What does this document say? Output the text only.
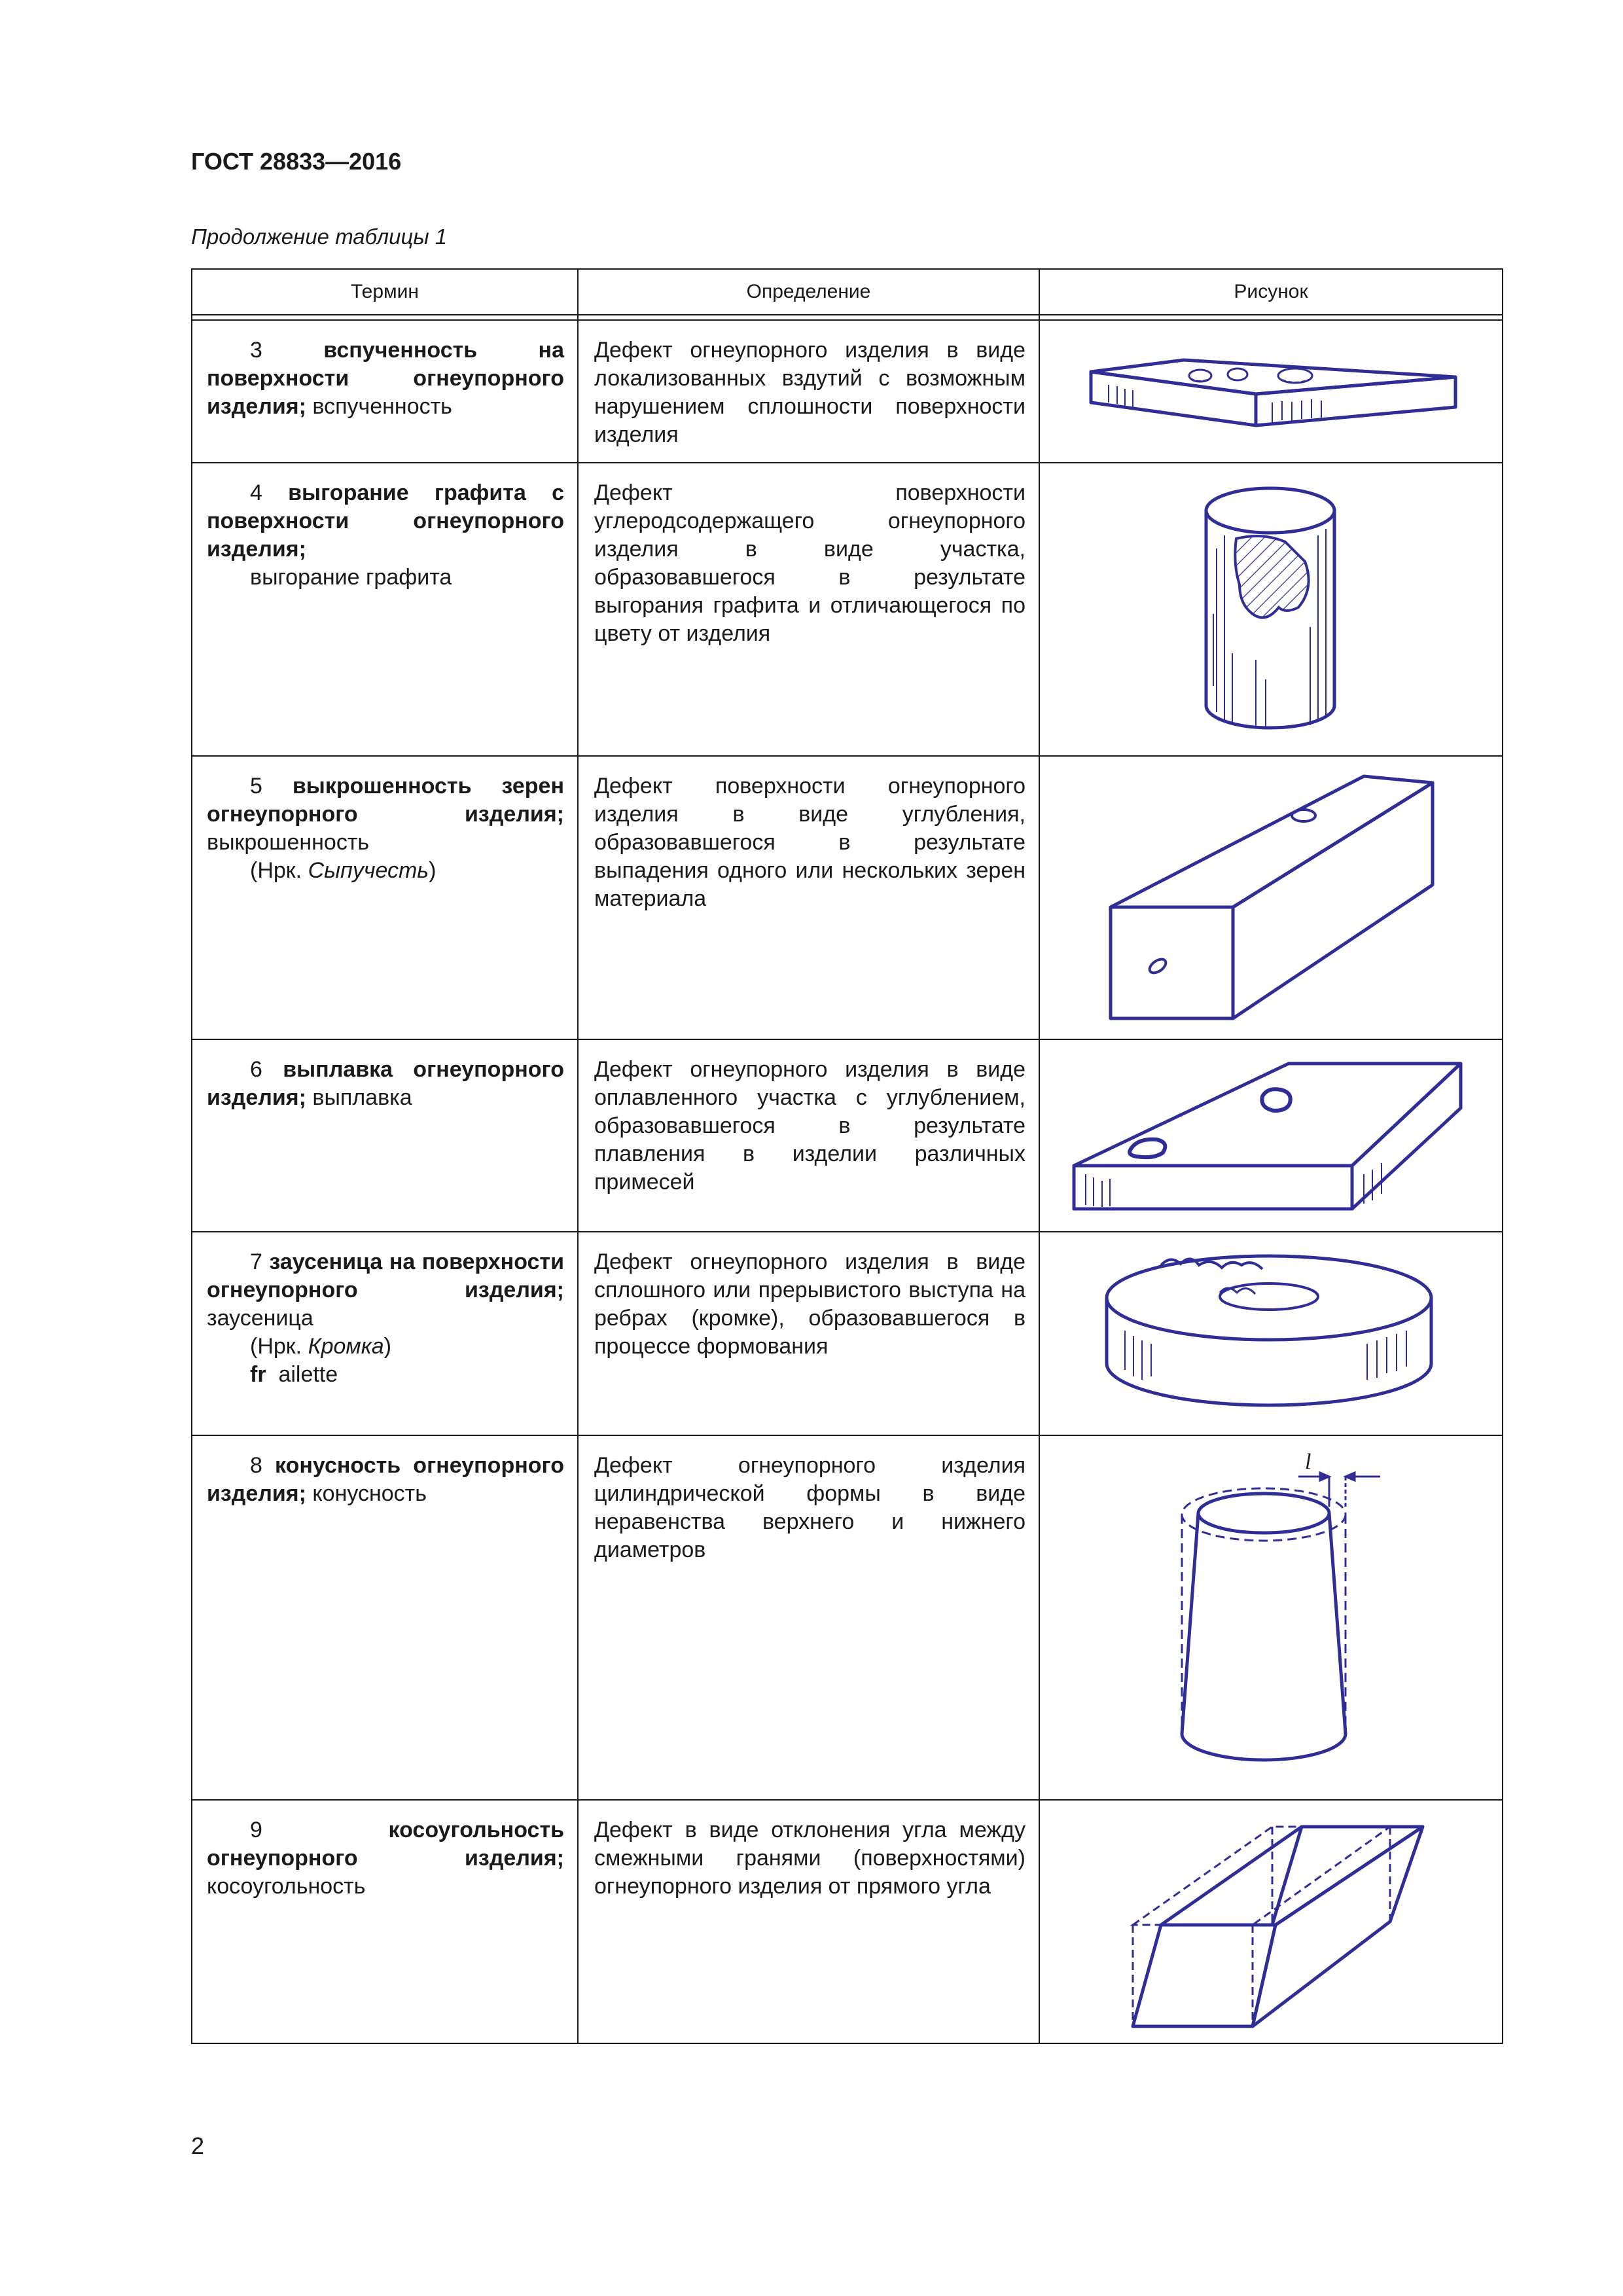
ГОСТ 28833—2016
Продолжение таблицы 1
Термин	Определение	Рисунок

3 вспученность на поверхности огнеупорного изделия; вспученность	Дефект огнеупорного изделия в виде локализованных вздутий с возможным нарушением сплошности поверхности изделия	

4 выгорание графита с поверхности огнеупорного изделия;
выгорание графита	Дефект поверхности углеродсодержащего огнеупорного изделия в виде участка, образовавшегося в результате выгорания графита и отличающегося по цвету от изделия	

5 выкрошенность зерен огнеупорного изделия; выкрошенность
(Нрк. Сыпучесть)	Дефект поверхности огнеупорного изделия в виде углубления, образовавшегося в результате выпадения одного или нескольких зерен материала	

6 выплавка огнеупорного изделия; выплавка	Дефект огнеупорного изделия в виде оплавленного участка с углублением, образовавшегося в результате плавления в изделии различных примесей	

7 заусеница на поверхности огнеупорного изделия; заусеница
(Нрк. Кромка)
fr ailette	Дефект огнеупорного изделия в виде сплошного или прерывистого выступа на ребрах (кромке), образовавшегося в процессе формования	

8 конусность огнеупорного изделия; конусность	Дефект огнеупорного изделия цилиндрической формы в виде неравенства верхнего и нижнего диаметров	l

9 косоугольность огнеупорного изделия; косоугольность	Дефект в виде отклонения угла между смежными гранями (поверхностями) огнеупорного изделия от прямого угла	
2
